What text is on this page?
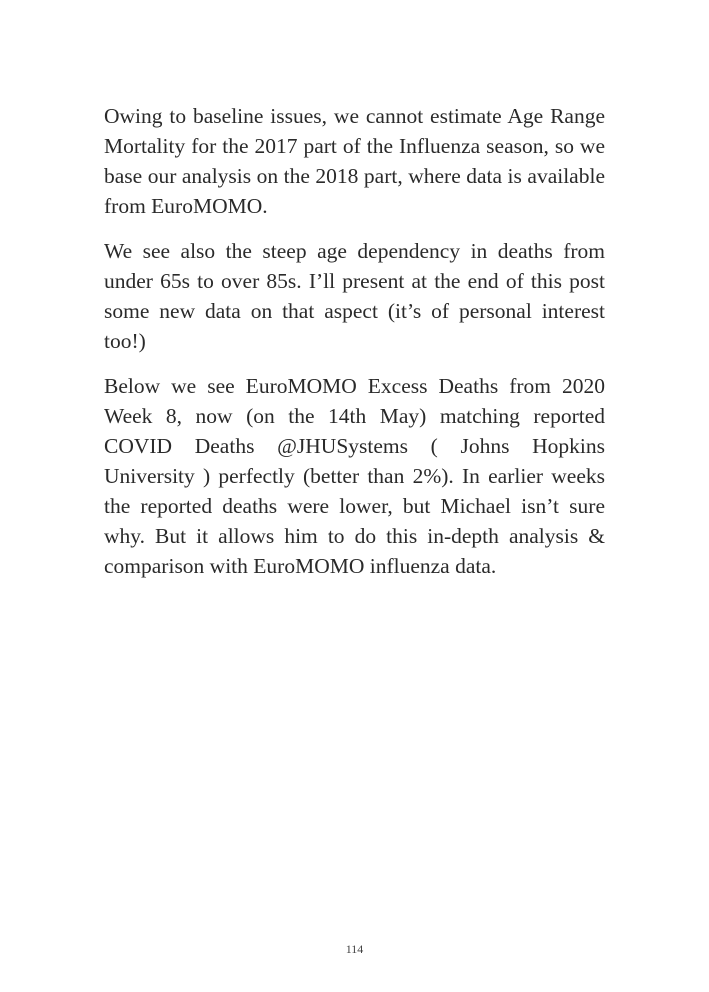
Owing to baseline issues, we cannot estimate Age Range Mortality for the 2017 part of the Influenza season, so we base our analysis on the 2018 part, where data is available from EuroMOMO.

We see also the steep age dependency in deaths from under 65s to over 85s. I’ll present at the end of this post some new data on that aspect (it’s of personal interest too!)

Below we see EuroMOMO Excess Deaths from 2020 Week 8, now (on the 14th May) matching reported COVID Deaths @JHUSystems ( Johns Hopkins University ) perfectly (better than 2%). In earlier weeks the reported deaths were lower, but Michael isn’t sure why. But it allows him to do this in-depth analysis & comparison with EuroMOMO influenza data.

114
